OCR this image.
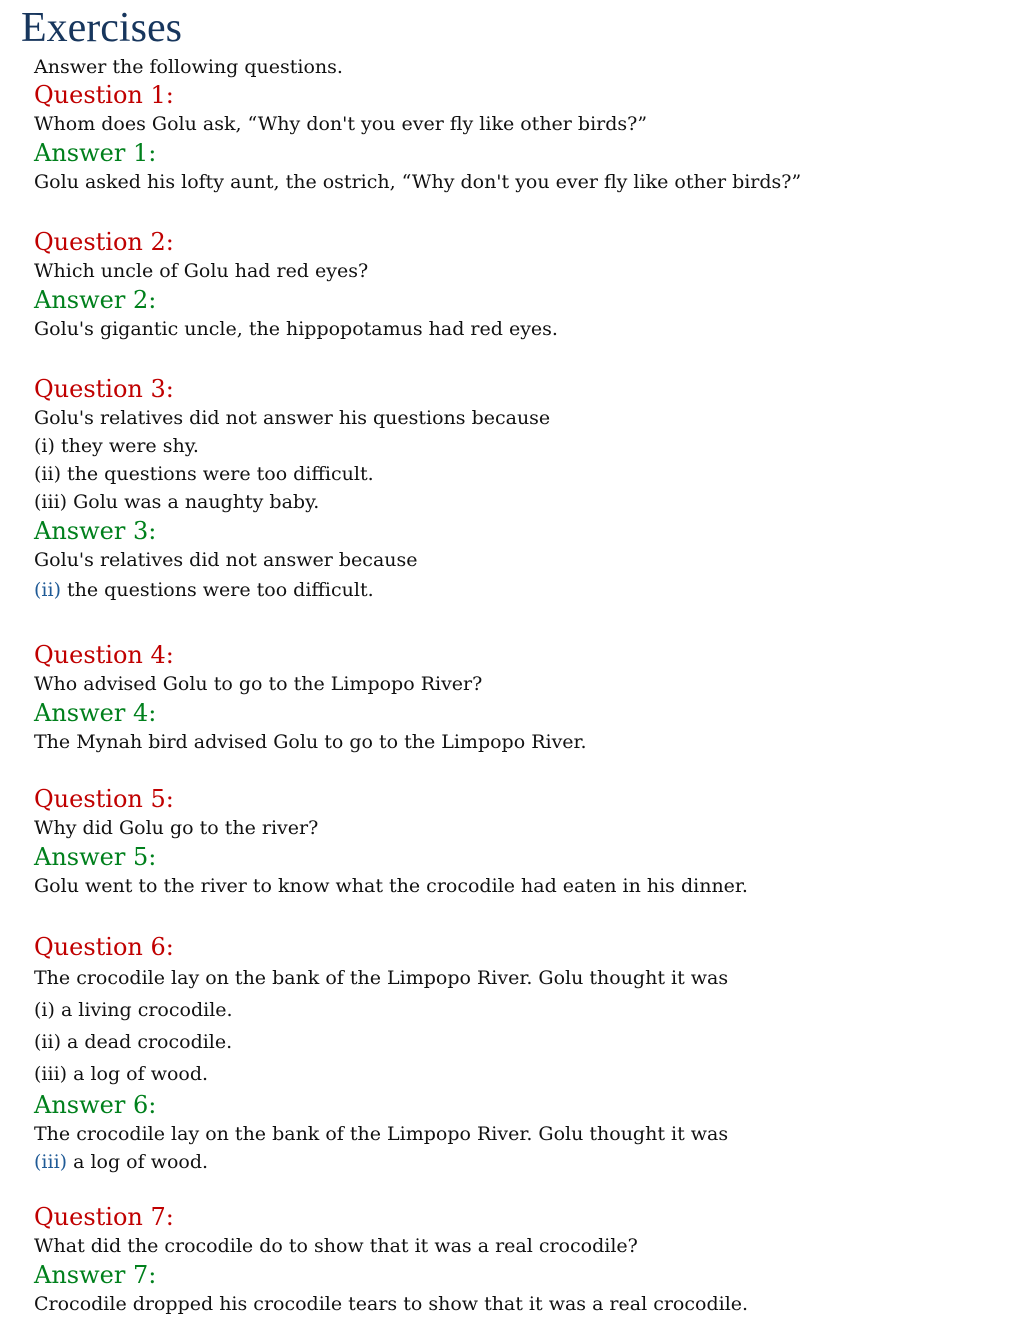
Exercises

Answer the following questions.

Question 1:

Whom does Golu ask, “Why don't you ever fly like other birds?”

Answer 1:

Golu asked his lofty aunt, the ostrich, “Why don't you ever fly like other birds?”

Question 2:

Which uncle of Golu had red eyes?

Answer 2:

Golu's gigantic uncle, the hippopotamus had red eyes.

Question 3:

Golu's relatives did not answer his questions because

(i) they were shy.

(ii) the questions were too difficult.

(iii) Golu was a naughty baby.

Answer 3:

Golu's relatives did not answer because

(ii) the questions were too difficult.

Question 4:

Who advised Golu to go to the Limpopo River?

Answer 4:

The Mynah bird advised Golu to go to the Limpopo River.

Question 5:

Why did Golu go to the river?

Answer 5:

Golu went to the river to know what the crocodile had eaten in his dinner.

Question 6:

The crocodile lay on the bank of the Limpopo River. Golu thought it was

(i) a living crocodile.

(ii) a dead crocodile.

(iii) a log of wood.

Answer 6:

The crocodile lay on the bank of the Limpopo River. Golu thought it was

(iii) a log of wood.

Question 7:

What did the crocodile do to show that it was a real crocodile?

Answer 7:

Crocodile dropped his crocodile tears to show that it was a real crocodile.
